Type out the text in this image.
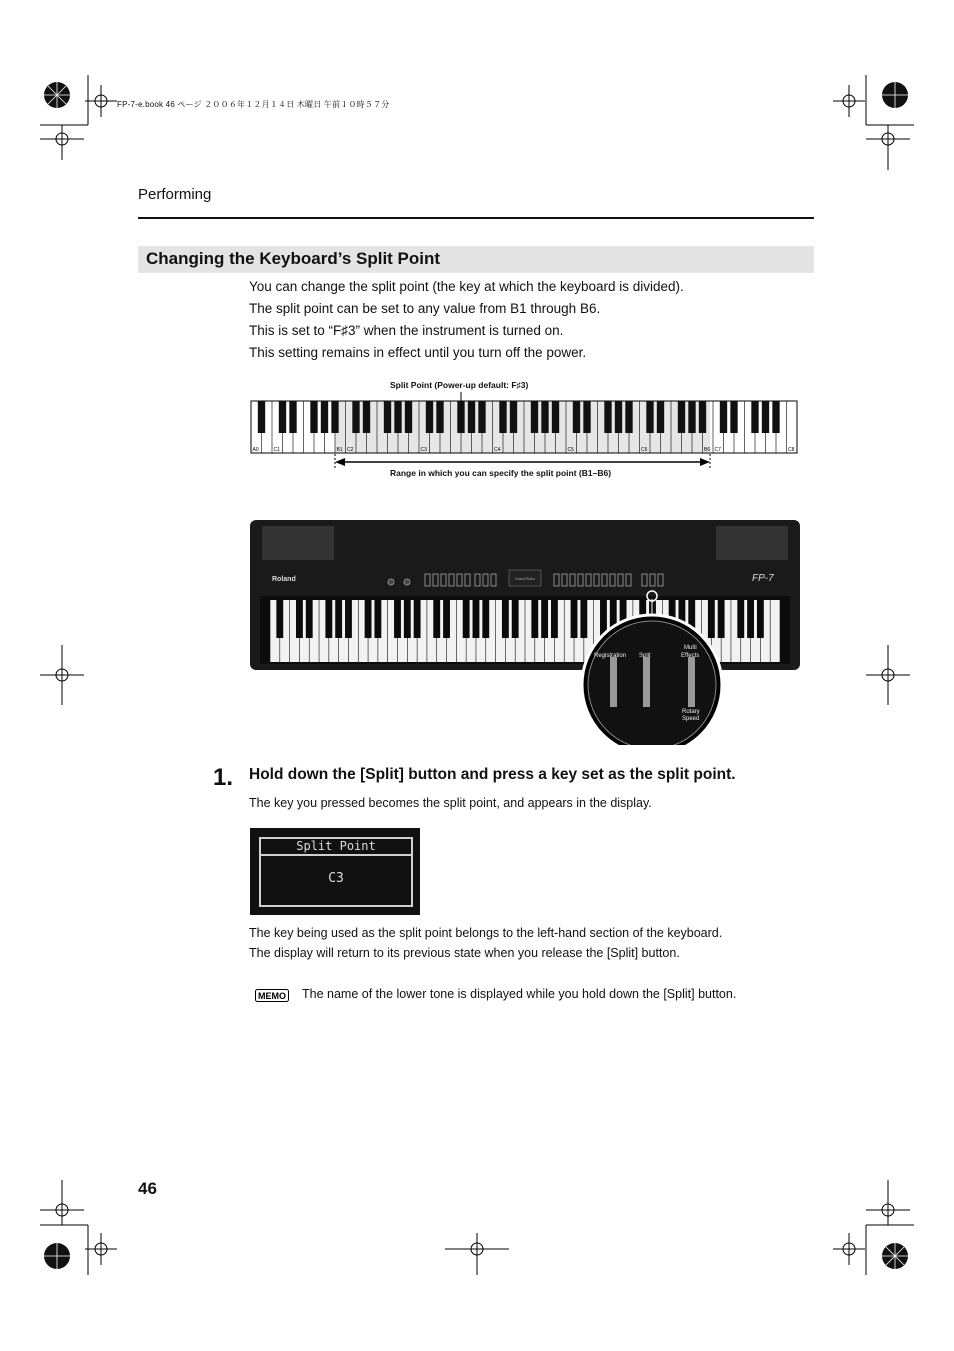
FP-7-e.book 46 ページ ２００６年１２月１４日 木曜日 午前１０時５７分
Performing
Changing the Keyboard’s Split Point
You can change the split point (the key at which the keyboard is divided).
The split point can be set to any value from B1 through B6.
This is set to “F♯3” when the instrument is turned on.
This setting remains in effect until you turn off the power.
Split Point (Power-up default: F♯3)
A0	C1	B1 C2	C3	C4	C5	C6	B6 C7	C8
Range in which you can specify the split point (B1–B6)
Roland	FP-7
Grand Piano
Registration Split
Multi
Effects
Rotary
Speed
1. Hold down the [Split] button and press a key set as the split point.
The key you pressed becomes the split point, and appears in the display.
Split Point
C3
The key being used as the split point belongs to the left-hand section of the keyboard.
The display will return to its previous state when you release the [Split] button.
MEMO The name of the lower tone is displayed while you hold down the [Split] button.
46
